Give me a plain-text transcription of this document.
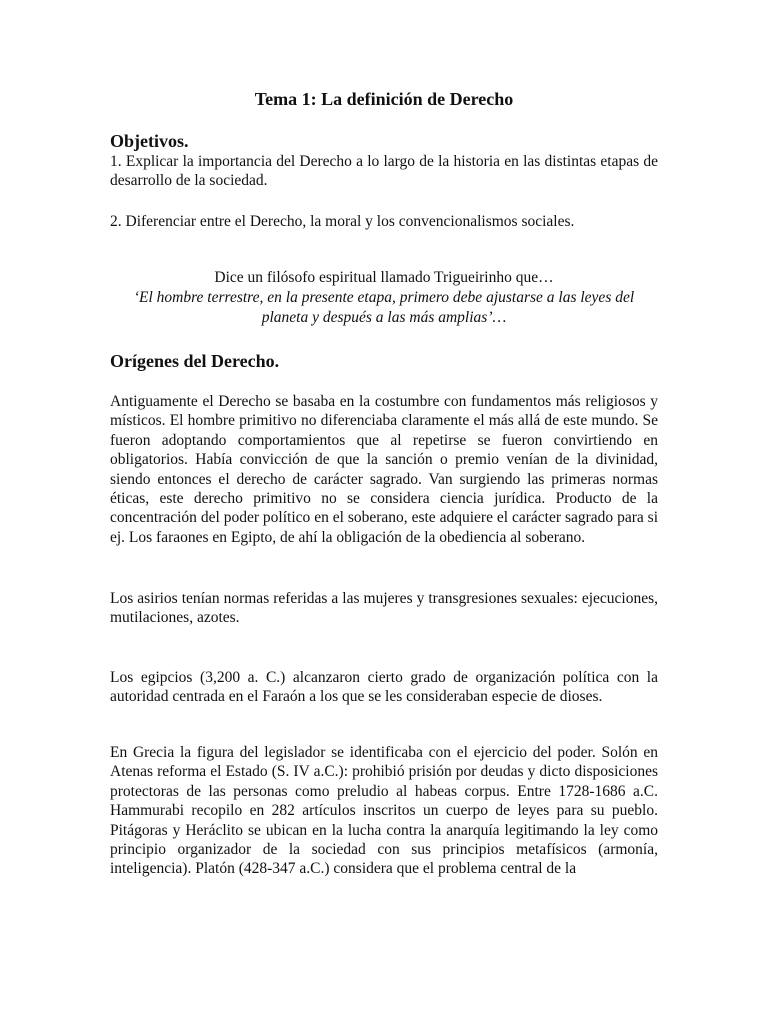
Tema 1: La definición de Derecho
Objetivos.

1. Explicar la importancia del Derecho a lo largo de la historia en las distintas etapas de desarrollo de la sociedad.

2. Diferenciar entre el Derecho, la moral y los convencionalismos sociales.

Dice un filósofo espiritual llamado Trigueirinho que…
‘El hombre terrestre, en la presente etapa, primero debe ajustarse a las leyes del planeta y después a las más amplias’…
Orígenes del Derecho.

Antiguamente el Derecho se basaba en la costumbre con fundamentos más religiosos y místicos. El hombre primitivo no diferenciaba claramente el más allá de este mundo. Se fueron adoptando comportamientos que al repetirse se fueron convirtiendo en obligatorios. Había convicción de que la sanción o premio venían de la divinidad, siendo entonces el derecho de carácter sagrado. Van surgiendo las primeras normas éticas, este derecho primitivo no se considera ciencia jurídica. Producto de la concentración del poder político en el soberano, este adquiere el carácter sagrado para si ej. Los faraones en Egipto, de ahí la obligación de la obediencia al soberano.

Los asirios tenían normas referidas a las mujeres y transgresiones sexuales: ejecuciones, mutilaciones, azotes.

Los egipcios (3,200 a. C.) alcanzaron cierto grado de organización política con la autoridad centrada en el Faraón a los que se les consideraban especie de dioses.

En Grecia la figura del legislador se identificaba con el ejercicio del poder. Solón en Atenas reforma el Estado (S. IV a.C.): prohibió prisión por deudas y dicto disposiciones protectoras de las personas como preludio al habeas corpus. Entre 1728-1686 a.C. Hammurabi recopilo en 282 artículos inscritos un cuerpo de leyes para su pueblo. Pitágoras y Heráclito se ubican en la lucha contra la anarquía legitimando la ley como principio organizador de la sociedad con sus principios metafísicos (armonía, inteligencia). Platón (428-347 a.C.) considera que el problema central de la
